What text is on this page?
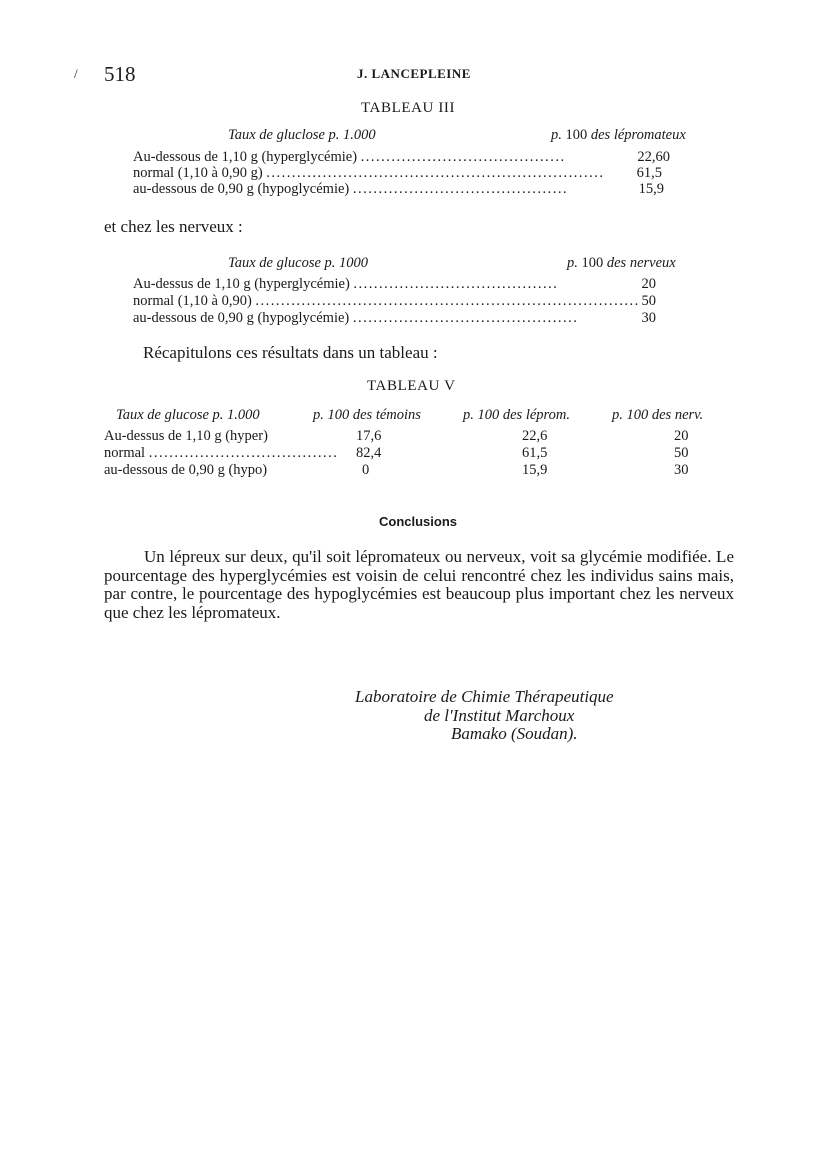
/ 518	J. LANCEPLEINE
TABLEAU III
Taux de gluclose p. 1.000	p. 100 des lépromateux
Au-dessous de 1,10 g (hyperglycémie) ........................................	22,60
normal (1,10 à 0,90 g) ..................................................................	61,5
au-dessous de 0,90 g (hypoglycémie) ..........................................	15,9
et chez les nerveux :
Taux de glucose p. 1000	p. 100 des nerveux
Au-dessus de 1,10 g (hyperglycémie) ........................................	20
normal (1,10 à 0,90) ........................................................................... 50
au-dessous de 0,90 g (hypoglycémie) ............................................	30
Récapitulons ces résultats dans un tableau :
TABLEAU V
Taux de glucose p. 1.000	p. 100 des témoins	p. 100 des léprom.	p. 100 des nerv.
Au-dessus de 1,10 g (hyper)	17,6	22,6	20
normal ..................................... 82,4	61,5	50
au-dessous de 0,90 g (hypo)	0	15,9	30
Conclusions

Un lépreux sur deux, qu'il soit lépromateux ou nerveux, voit sa glycémie modifiée. Le pourcentage des hyperglycémies est voisin de celui rencontré chez les individus sains mais, par contre, le pourcentage des hypoglycémies est beaucoup plus important chez les nerveux que chez les lépromateux.

Laboratoire de Chimie Thérapeutique
de l'Institut Marchoux
Bamako (Soudan).
